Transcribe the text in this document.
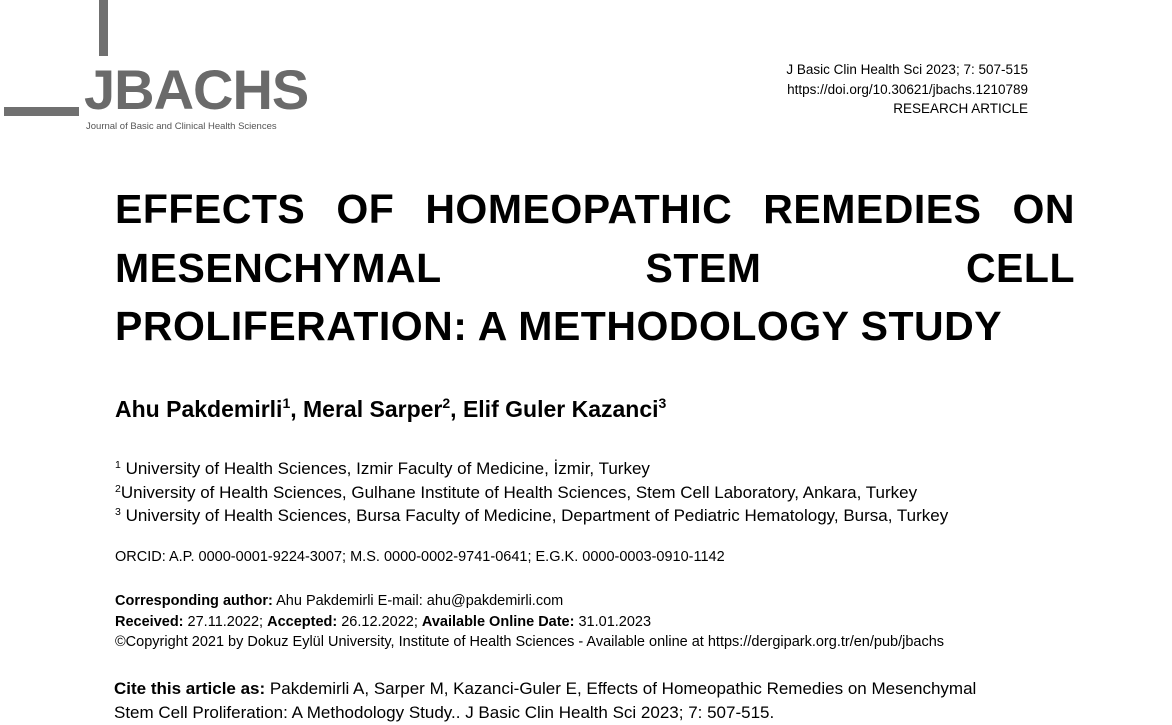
JBACHS
Journal of Basic and Clinical Health Sciences
J Basic Clin Health Sci 2023; 7: 507-515
https://doi.org/10.30621/jbachs.1210789
RESEARCH ARTICLE
EFFECTS OF HOMEOPATHIC REMEDIES ON
MESENCHYMAL STEM CELL
PROLIFERATION: A METHODOLOGY STUDY
Ahu Pakdemirli$^1$, Meral Sarper$^2$, Elif Guler Kazanci$^3$
$^1$ University of Health Sciences, Izmir Faculty of Medicine, İzmir, Turkey
$^2$University of Health Sciences, Gulhane Institute of Health Sciences, Stem Cell Laboratory, Ankara, Turkey
$^3$ University of Health Sciences, Bursa Faculty of Medicine, Department of Pediatric Hematology, Bursa, Turkey
ORCID: A.P. 0000-0001-9224-3007; M.S. 0000-0002-9741-0641; E.G.K. 0000-0003-0910-1142
Corresponding author: Ahu Pakdemirli E-mail: ahu@pakdemirli.com
Received: 27.11.2022; Accepted: 26.12.2022; Available Online Date: 31.01.2023
©Copyright 2021 by Dokuz Eylül University, Institute of Health Sciences - Available online at https://dergipark.org.tr/en/pub/jbachs
Cite this article as: Pakdemirli A, Sarper M, Kazanci-Guler E, Effects of Homeopathic Remedies on Mesenchymal
Stem Cell Proliferation: A Methodology Study.. J Basic Clin Health Sci 2023; 7: 507-515.
